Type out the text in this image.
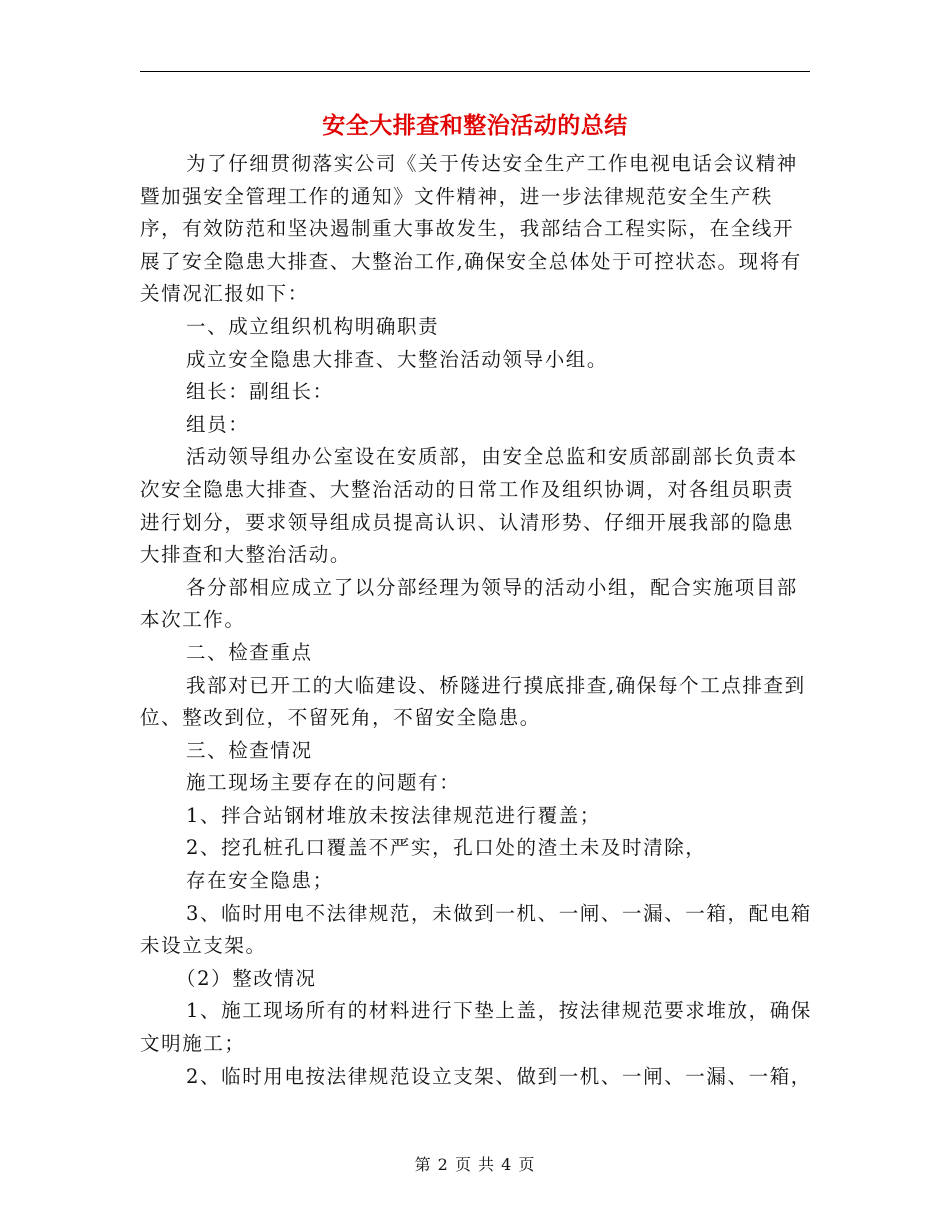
安全大排查和整治活动的总结

为了仔细贯彻落实公司《关于传达安全生产工作电视电话会议精神暨加强安全管理工作的通知》文件精神，进一步法律规范安全生产秩序，有效防范和坚决遏制重大事故发生，我部结合工程实际，在全线开展了安全隐患大排查、大整治工作,确保安全总体处于可控状态。现将有关情况汇报如下：

一、成立组织机构明确职责

成立安全隐患大排查、大整治活动领导小组。

组长：副组长：

组员：

活动领导组办公室设在安质部，由安全总监和安质部副部长负责本次安全隐患大排查、大整治活动的日常工作及组织协调，对各组员职责进行划分，要求领导组成员提高认识、认清形势、仔细开展我部的隐患大排查和大整治活动。

各分部相应成立了以分部经理为领导的活动小组，配合实施项目部本次工作。

二、检查重点

我部对已开工的大临建设、桥隧进行摸底排查,确保每个工点排查到位、整改到位，不留死角，不留安全隐患。

三、检查情况

施工现场主要存在的问题有：

1、拌合站钢材堆放未按法律规范进行覆盖；

2、挖孔桩孔口覆盖不严实，孔口处的渣土未及时清除，

存在安全隐患；

3、临时用电不法律规范，未做到一机、一闸、一漏、一箱，配电箱未设立支架。

（2）整改情况

1、施工现场所有的材料进行下垫上盖，按法律规范要求堆放，确保文明施工；

2、临时用电按法律规范设立支架、做到一机、一闸、一漏、一箱，

第 2 页 共 4 页
